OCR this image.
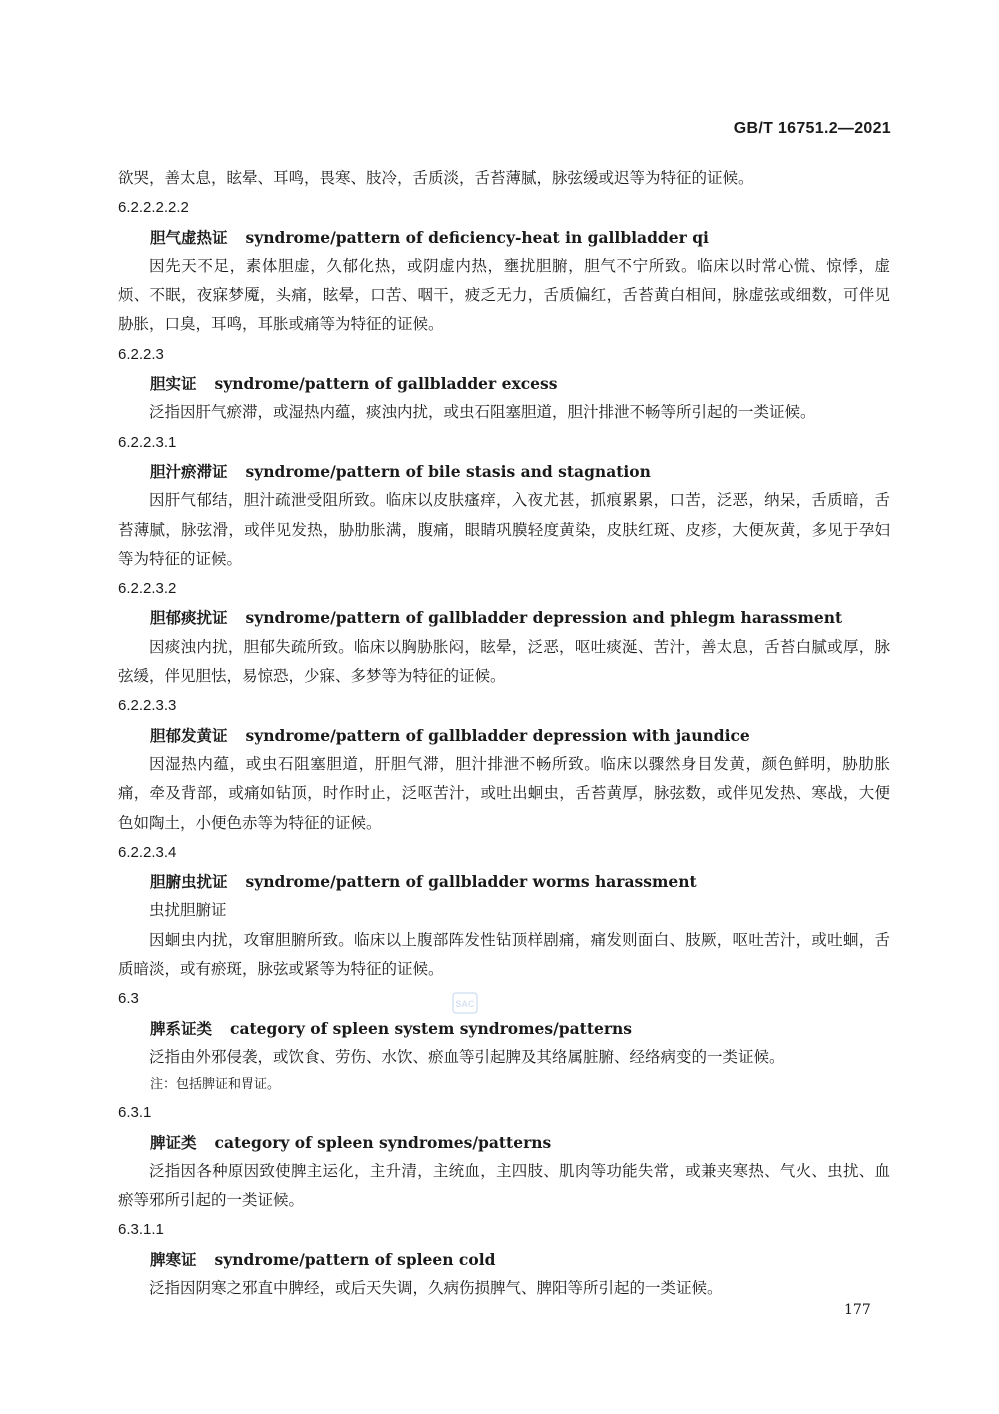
GB/T 16751.2—2021
欲哭，善太息，眩晕、耳鸣，畏寒、肢冷，舌质淡，舌苔薄腻，脉弦缓或迟等为特征的证候。
6.2.2.2.2.2
胆气虚热证 syndrome/pattern of deficiency-heat in gallbladder qi
因先天不足，素体胆虚，久郁化热，或阴虚内热，壅扰胆腑，胆气不宁所致。临床以时常心慌、惊悸，虚烦、不眠，夜寐梦魇，头痛，眩晕，口苦、咽干，疲乏无力，舌质偏红，舌苔黄白相间，脉虚弦或细数，可伴见胁胀，口臭，耳鸣，耳胀或痛等为特征的证候。
6.2.2.3
胆实证 syndrome/pattern of gallbladder excess
泛指因肝气瘀滞，或湿热内蕴，痰浊内扰，或虫石阻塞胆道，胆汁排泄不畅等所引起的一类证候。
6.2.2.3.1
胆汁瘀滞证 syndrome/pattern of bile stasis and stagnation
因肝气郁结，胆汁疏泄受阻所致。临床以皮肤瘙痒，入夜尤甚，抓痕累累，口苦，泛恶，纳呆，舌质暗，舌苔薄腻，脉弦滑，或伴见发热，胁肋胀满，腹痛，眼睛巩膜轻度黄染，皮肤红斑、皮疹，大便灰黄，多见于孕妇等为特征的证候。
6.2.2.3.2
胆郁痰扰证 syndrome/pattern of gallbladder depression and phlegm harassment
因痰浊内扰，胆郁失疏所致。临床以胸胁胀闷，眩晕，泛恶，呕吐痰涎、苦汁，善太息，舌苔白腻或厚，脉弦缓，伴见胆怯，易惊恐，少寐、多梦等为特征的证候。
6.2.2.3.3
胆郁发黄证 syndrome/pattern of gallbladder depression with jaundice
因湿热内蕴，或虫石阻塞胆道，肝胆气滞，胆汁排泄不畅所致。临床以骤然身目发黄，颜色鲜明，胁肋胀痛，牵及背部，或痛如钻顶，时作时止，泛呕苦汁，或吐出蛔虫，舌苔黄厚，脉弦数，或伴见发热、寒战，大便色如陶土，小便色赤等为特征的证候。
6.2.2.3.4
胆腑虫扰证 syndrome/pattern of gallbladder worms harassment
虫扰胆腑证
因蛔虫内扰，攻窜胆腑所致。临床以上腹部阵发性钻顶样剧痛，痛发则面白、肢厥，呕吐苦汁，或吐蛔，舌质暗淡，或有瘀斑，脉弦或紧等为特征的证候。
6.3
脾系证类 category of spleen system syndromes/patterns
泛指由外邪侵袭，或饮食、劳伤、水饮、瘀血等引起脾及其络属脏腑、经络病变的一类证候。
注：包括脾证和胃证。
6.3.1
脾证类 category of spleen syndromes/patterns
泛指因各种原因致使脾主运化，主升清，主统血，主四肢、肌肉等功能失常，或兼夹寒热、气火、虫扰、血瘀等邪所引起的一类证候。
6.3.1.1
脾寒证 syndrome/pattern of spleen cold
泛指因阴寒之邪直中脾经，或后天失调，久病伤损脾气、脾阳等所引起的一类证候。
SAC
177
